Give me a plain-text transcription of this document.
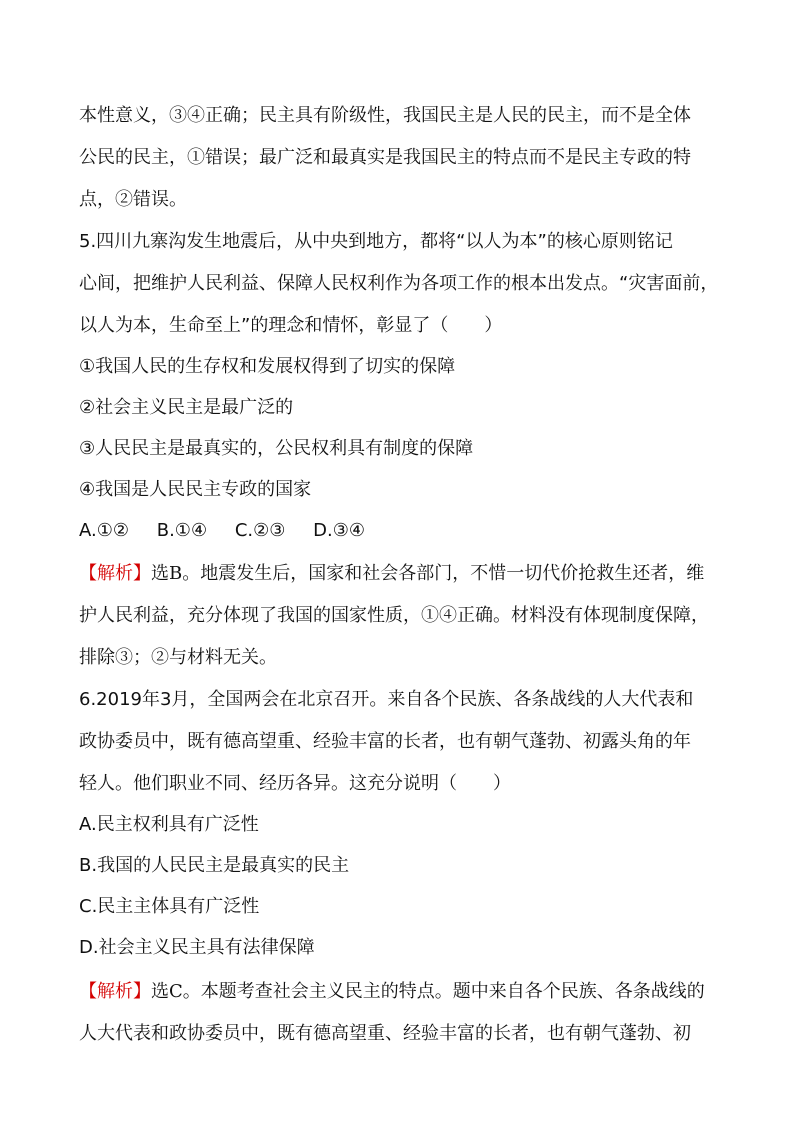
本性意义，③④正确；民主具有阶级性，我国民主是人民的民主，而不是全体
公民的民主，①错误；最广泛和最真实是我国民主的特点而不是民主专政的特
点，②错误。
5.四川九寨沟发生地震后，从中央到地方，都将“以人为本”的核心原则铭记
心间，把维护人民利益、保障人民权利作为各项工作的根本出发点。“灾害面前，
以人为本，生命至上”的理念和情怀，彰显了（　　）
①我国人民的生存权和发展权得到了切实的保障
②社会主义民主是最广泛的
③人民民主是最真实的，公民权利具有制度的保障
④我国是人民民主专政的国家
A.①② B.①④ C.②③ D.③④
【解析】选B。地震发生后，国家和社会各部门，不惜一切代价抢救生还者，维
护人民利益，充分体现了我国的国家性质，①④正确。材料没有体现制度保障，
排除③；②与材料无关。
6.2019年3月，全国两会在北京召开。来自各个民族、各条战线的人大代表和
政协委员中，既有德高望重、经验丰富的长者，也有朝气蓬勃、初露头角的年
轻人。他们职业不同、经历各异。这充分说明（　　）
A.民主权利具有广泛性
B.我国的人民民主是最真实的民主
C.民主主体具有广泛性
D.社会主义民主具有法律保障
【解析】选C。本题考查社会主义民主的特点。题中来自各个民族、各条战线的
人大代表和政协委员中，既有德高望重、经验丰富的长者，也有朝气蓬勃、初
